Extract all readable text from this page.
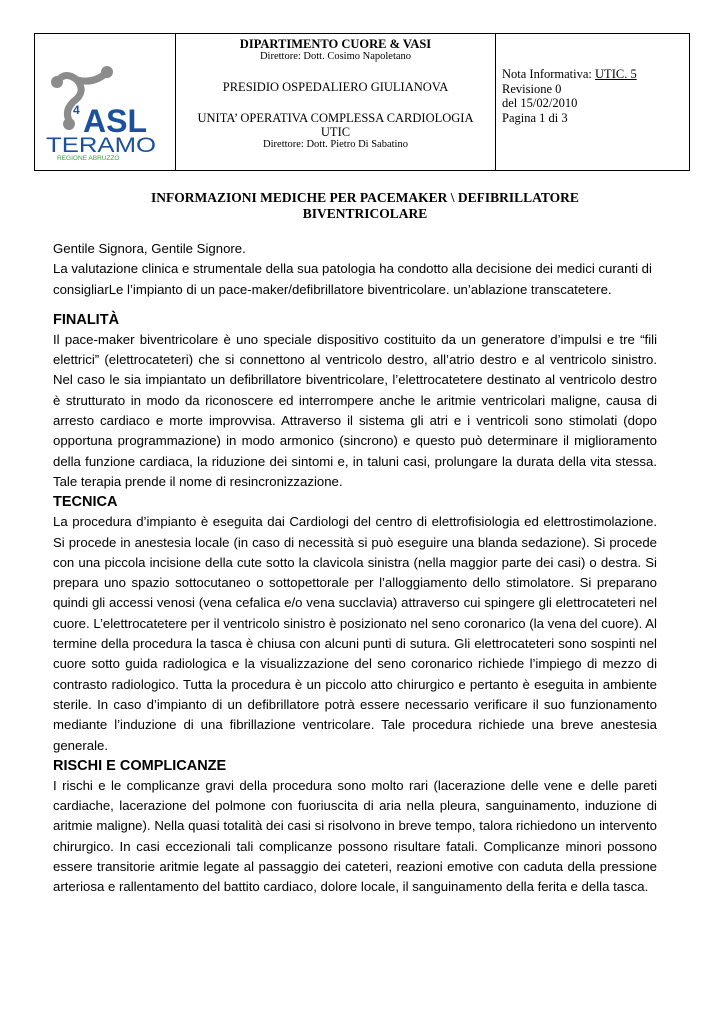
4 ASL
TERAMO
REGIONE ABRUZZO
DIPARTIMENTO CUORE & VASI
Direttore: Dott. Cosimo Napoletano
PRESIDIO OSPEDALIERO GIULIANOVA
UNITA’ OPERATIVA COMPLESSA CARDIOLOGIA
UTIC
Direttore: Dott. Pietro Di Sabatino
Nota Informativa: UTIC. 5
Revisione 0
del 15/02/2010
Pagina 1 di 3
INFORMAZIONI MEDICHE PER PACEMAKER \ DEFIBRILLATORE
BIVENTRICOLARE

Gentile Signora, Gentile Signore.

La valutazione clinica e strumentale della sua patologia ha condotto alla decisione dei medici curanti di consigliarLe l’impianto di un pace-maker/defibrillatore biventricolare. un’ablazione transcatetere.

FINALITÀ

Il pace-maker biventricolare è uno speciale dispositivo costituito da un generatore d’impulsi e tre “fili elettrici” (elettrocateteri) che si connettono al ventricolo destro, all’atrio destro e al ventricolo sinistro. Nel caso le sia impiantato un defibrillatore biventricolare, l’elettrocatetere destinato al ventricolo destro è strutturato in modo da riconoscere ed interrompere anche le aritmie ventricolari maligne, causa di arresto cardiaco e morte improvvisa. Attraverso il sistema gli atri e i ventricoli sono stimolati (dopo opportuna programmazione) in modo armonico (sincrono) e questo può determinare il miglioramento della funzione cardiaca, la riduzione dei sintomi e, in taluni casi, prolungare la durata della vita stessa. Tale terapia prende il nome di resincronizzazione.

TECNICA

La procedura d’impianto è eseguita dai Cardiologi del centro di elettrofisiologia ed elettrostimolazione. Si procede in anestesia locale (in caso di necessità si può eseguire una blanda sedazione). Si procede con una piccola incisione della cute sotto la clavicola sinistra (nella maggior parte dei casi) o destra. Si prepara uno spazio sottocutaneo o sottopettorale per l’alloggiamento dello stimolatore. Si preparano quindi gli accessi venosi (vena cefalica e/o vena succlavia) attraverso cui spingere gli elettrocateteri nel cuore. L’elettrocatetere per il ventricolo sinistro è posizionato nel seno coronarico (la vena del cuore). Al termine della procedura la tasca è chiusa con alcuni punti di sutura. Gli elettrocateteri sono sospinti nel cuore sotto guida radiologica e la visualizzazione del seno coronarico richiede l’impiego di mezzo di contrasto radiologico. Tutta la procedura è un piccolo atto chirurgico e pertanto è eseguita in ambiente sterile. In caso d’impianto di un defibrillatore potrà essere necessario verificare il suo funzionamento mediante l’induzione di una fibrillazione ventricolare. Tale procedura richiede una breve anestesia generale.

RISCHI E COMPLICANZE

I rischi e le complicanze gravi della procedura sono molto rari (lacerazione delle vene e delle pareti cardiache, lacerazione del polmone con fuoriuscita di aria nella pleura, sanguinamento, induzione di aritmie maligne). Nella quasi totalità dei casi si risolvono in breve tempo, talora richiedono un intervento chirurgico. In casi eccezionali tali complicanze possono risultare fatali. Complicanze minori possono essere transitorie aritmie legate al passaggio dei cateteri, reazioni emotive con caduta della pressione arteriosa e rallentamento del battito cardiaco, dolore locale, il sanguinamento della ferita e della tasca.
